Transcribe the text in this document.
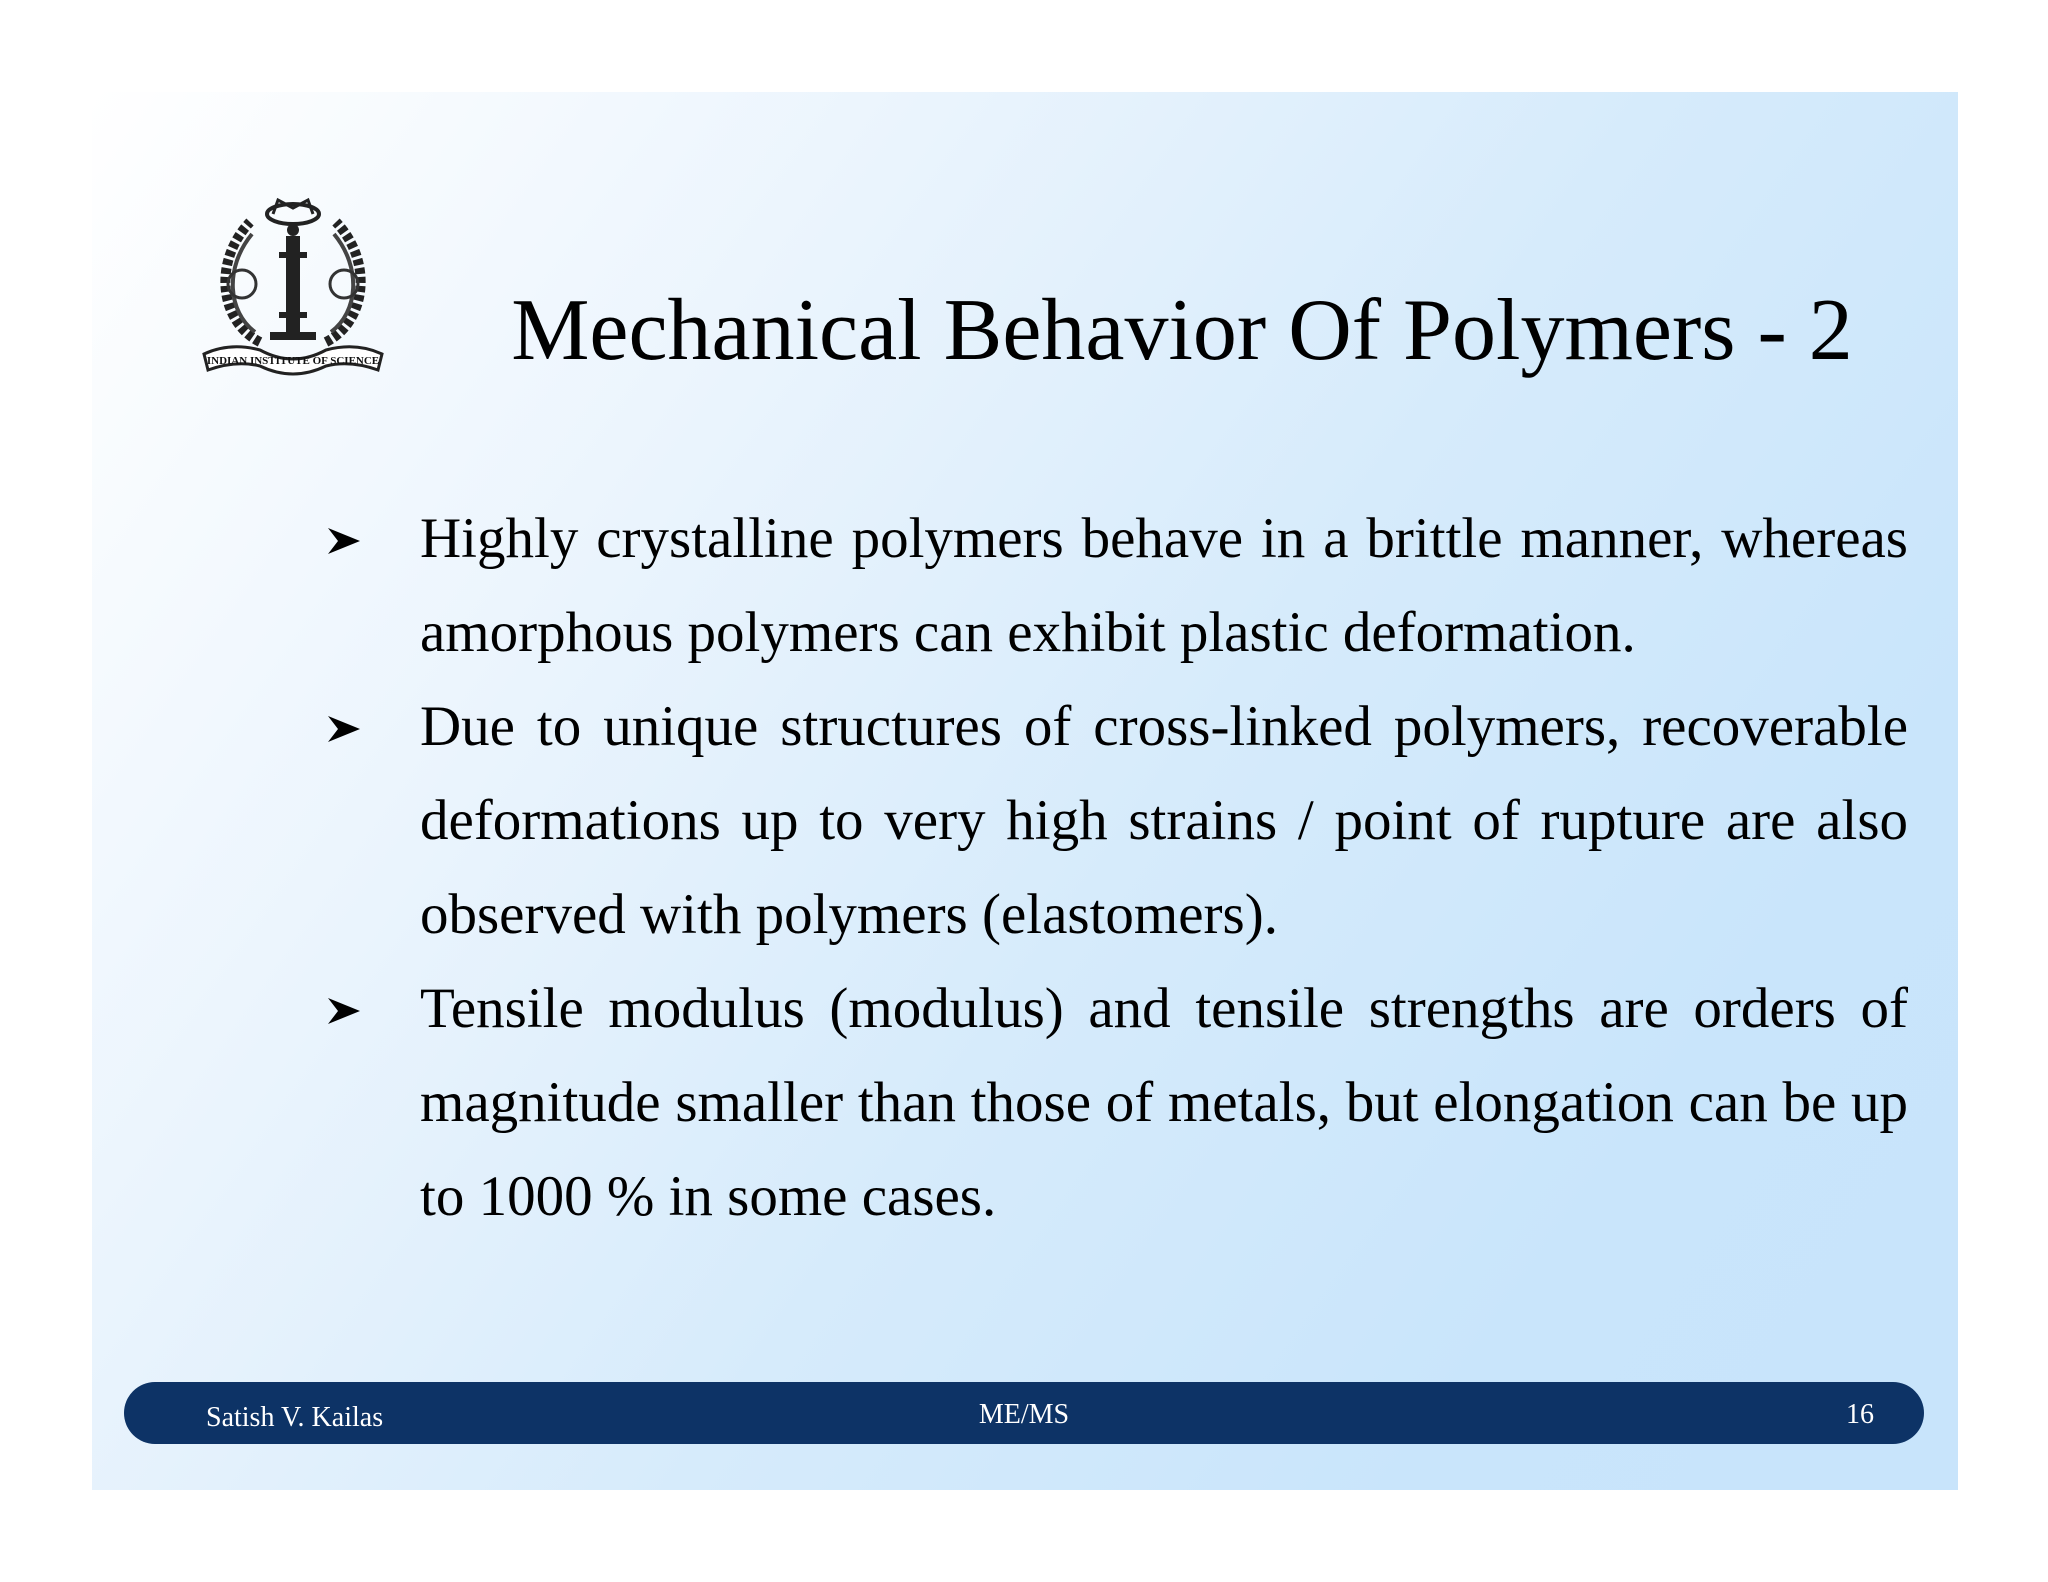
INDIAN INSTITUTE OF SCIENCE	Mechanical Behavior Of Polymers - 2
Highly crystalline polymers behave in a brittle manner, whereas amorphous polymers can exhibit plastic deformation.
Due to unique structures of cross-linked polymers, recoverable deformations up to very high strains / point of rupture are also observed with polymers (elastomers).
Tensile modulus (modulus) and tensile strengths are orders of magnitude smaller than those of metals, but elongation can be up to 1000 % in some cases.
Satish V. Kailas	ME/MS	16
